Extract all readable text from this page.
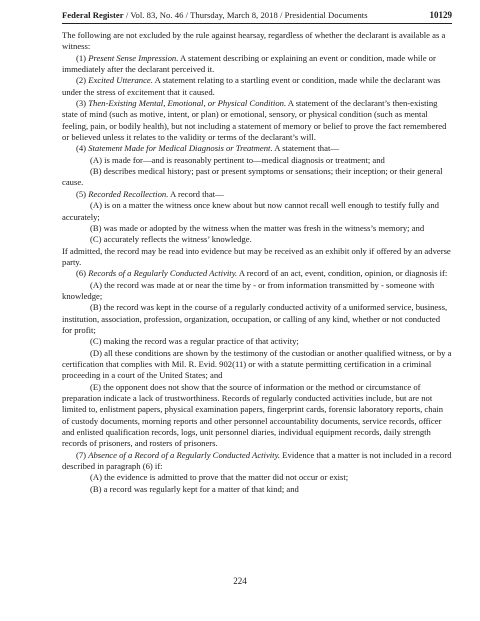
Federal Register / Vol. 83, No. 46 / Thursday, March 8, 2018 / Presidential Documents	10129

The following are not excluded by the rule against hearsay, regardless of whether the declarant is available as a witness:

(1) Present Sense Impression. A statement describing or explaining an event or condition, made while or immediately after the declarant perceived it.

(2) Excited Utterance. A statement relating to a startling event or condition, made while the declarant was under the stress of excitement that it caused.

(3) Then-Existing Mental, Emotional, or Physical Condition. A statement of the declarant’s then-existing state of mind (such as motive, intent, or plan) or emotional, sensory, or physical condition (such as mental feeling, pain, or bodily health), but not including a statement of memory or belief to prove the fact remembered or believed unless it relates to the validity or terms of the declarant’s will.

(4) Statement Made for Medical Diagnosis or Treatment. A statement that—

(A) is made for—and is reasonably pertinent to—medical diagnosis or treatment; and

(B) describes medical history; past or present symptoms or sensations; their inception; or their general cause.

(5) Recorded Recollection. A record that—

(A) is on a matter the witness once knew about but now cannot recall well enough to testify fully and accurately;

(B) was made or adopted by the witness when the matter was fresh in the witness’s memory; and

(C) accurately reflects the witness’ knowledge.

If admitted, the record may be read into evidence but may be received as an exhibit only if offered by an adverse party.

(6) Records of a Regularly Conducted Activity. A record of an act, event, condition, opinion, or diagnosis if:

(A) the record was made at or near the time by - or from information transmitted by - someone with knowledge;

(B) the record was kept in the course of a regularly conducted activity of a uniformed service, business, institution, association, profession, organization, occupation, or calling of any kind, whether or not conducted for profit;

(C) making the record was a regular practice of that activity;

(D) all these conditions are shown by the testimony of the custodian or another qualified witness, or by a certification that complies with Mil. R. Evid. 902(11) or with a statute permitting certification in a criminal proceeding in a court of the United States; and

(E) the opponent does not show that the source of information or the method or circumstance of preparation indicate a lack of trustworthiness. Records of regularly conducted activities include, but are not limited to, enlistment papers, physical examination papers, fingerprint cards, forensic laboratory reports, chain of custody documents, morning reports and other personnel accountability documents, service records, officer and enlisted qualification records, logs, unit personnel diaries, individual equipment records, daily strength records of prisoners, and rosters of prisoners.

(7) Absence of a Record of a Regularly Conducted Activity. Evidence that a matter is not included in a record described in paragraph (6) if:

(A) the evidence is admitted to prove that the matter did not occur or exist;

(B) a record was regularly kept for a matter of that kind; and

224
